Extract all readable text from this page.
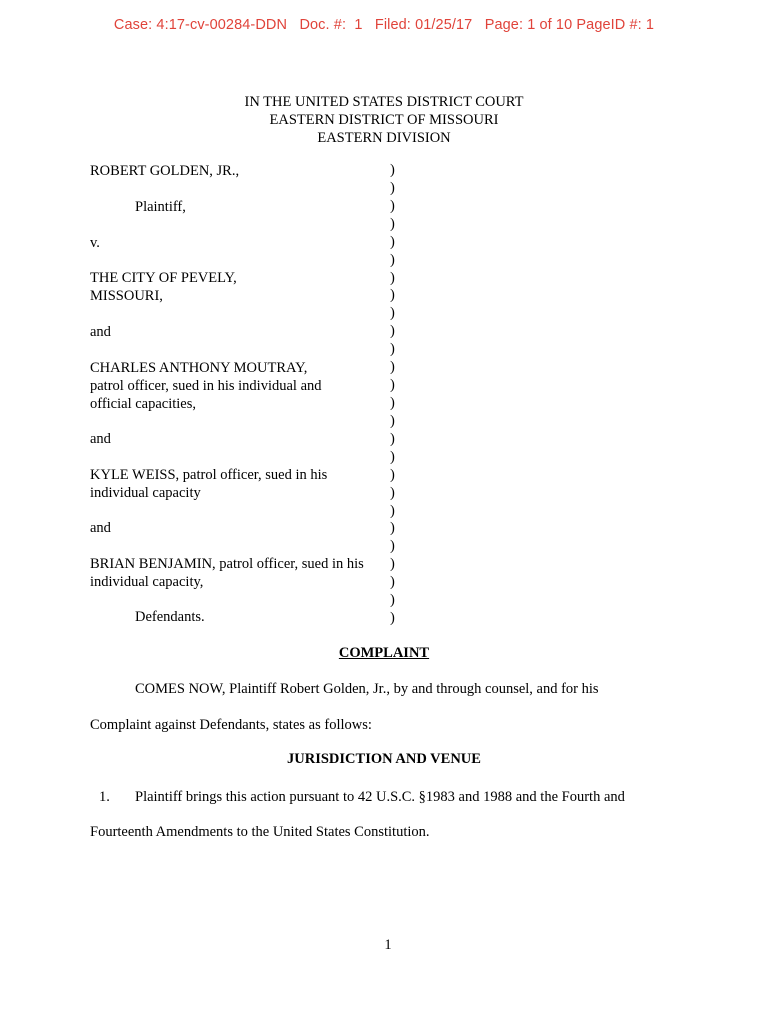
Case: 4:17-cv-00284-DDN   Doc. #:  1   Filed: 01/25/17   Page: 1 of 10 PageID #: 1
IN THE UNITED STATES DISTRICT COURT
EASTERN DISTRICT OF MISSOURI
EASTERN DIVISION
ROBERT GOLDEN, JR.,
Plaintiff,
v.
THE CITY OF PEVELY,
MISSOURI,
and
CHARLES ANTHONY MOUTRAY,
patrol officer, sued in his individual and
official capacities,
and
KYLE WEISS, patrol officer, sued in his
individual capacity
and
BRIAN BENJAMIN, patrol officer, sued in his
individual capacity,
Defendants.
)
)
)
)
)
)
)
)
)
)
)
)
)
)
)
)
)
)
)
)
)
)
)
)
)
)
COMPLAINT
COMES NOW, Plaintiff Robert Golden, Jr., by and through counsel, and for his
Complaint against Defendants, states as follows:
JURISDICTION AND VENUE
1. Plaintiff brings this action pursuant to 42 U.S.C. §1983 and 1988 and the Fourth and
Fourteenth Amendments to the United States Constitution.
1
